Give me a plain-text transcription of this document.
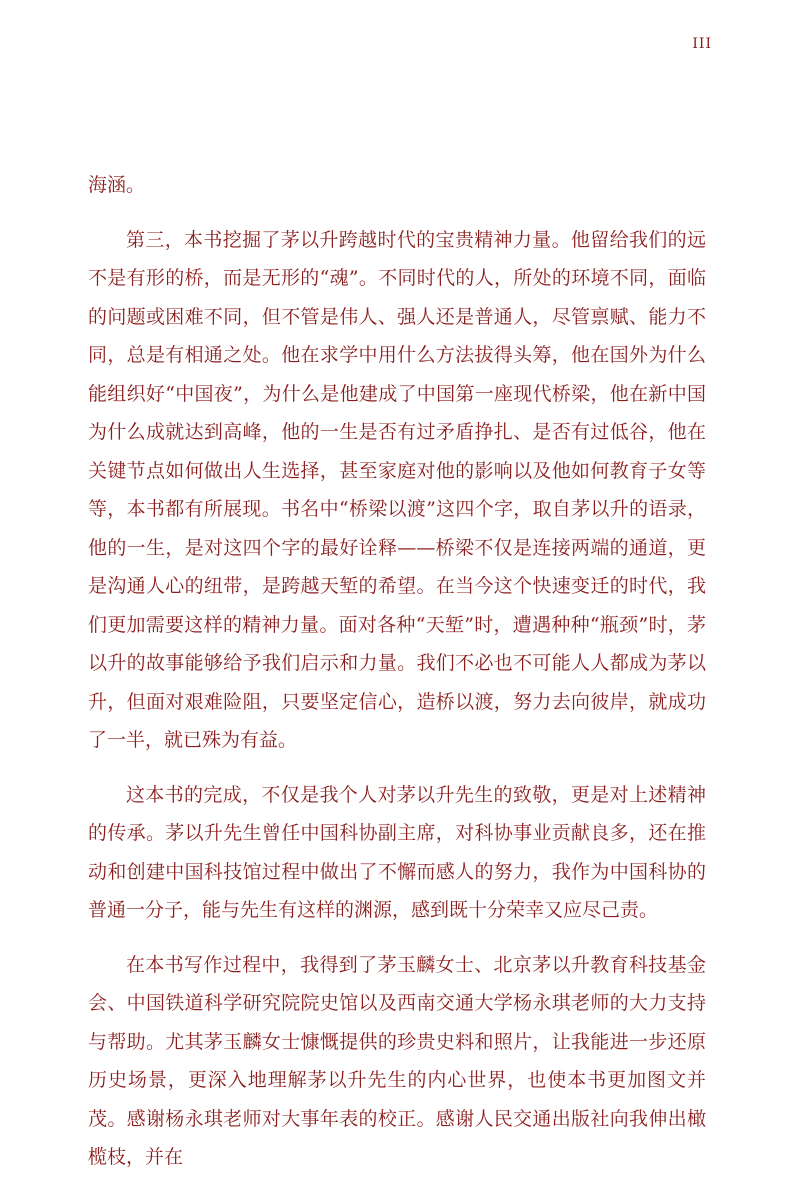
III

海涵。

第三，本书挖掘了茅以升跨越时代的宝贵精神力量。他留给我们的远不是有形的桥，而是无形的“魂”。不同时代的人，所处的环境不同，面临的问题或困难不同，但不管是伟人、强人还是普通人，尽管禀赋、能力不同，总是有相通之处。他在求学中用什么方法拔得头筹，他在国外为什么能组织好“中国夜”，为什么是他建成了中国第一座现代桥梁，他在新中国为什么成就达到高峰，他的一生是否有过矛盾挣扎、是否有过低谷，他在关键节点如何做出人生选择，甚至家庭对他的影响以及他如何教育子女等等，本书都有所展现。书名中“桥梁以渡”这四个字，取自茅以升的语录，他的一生，是对这四个字的最好诠释——桥梁不仅是连接两端的通道，更是沟通人心的纽带，是跨越天堑的希望。在当今这个快速变迁的时代，我们更加需要这样的精神力量。面对各种“天堑”时，遭遇种种“瓶颈”时，茅以升的故事能够给予我们启示和力量。我们不必也不可能人人都成为茅以升，但面对艰难险阻，只要坚定信心，造桥以渡，努力去向彼岸，就成功了一半，就已殊为有益。

这本书的完成，不仅是我个人对茅以升先生的致敬，更是对上述精神的传承。茅以升先生曾任中国科协副主席，对科协事业贡献良多，还在推动和创建中国科技馆过程中做出了不懈而感人的努力，我作为中国科协的普通一分子，能与先生有这样的渊源，感到既十分荣幸又应尽己责。

在本书写作过程中，我得到了茅玉麟女士、北京茅以升教育科技基金会、中国铁道科学研究院院史馆以及西南交通大学杨永琪老师的大力支持与帮助。尤其茅玉麟女士慷慨提供的珍贵史料和照片，让我能进一步还原历史场景，更深入地理解茅以升先生的内心世界，也使本书更加图文并茂。感谢杨永琪老师对大事年表的校正。感谢人民交通出版社向我伸出橄榄枝，并在
